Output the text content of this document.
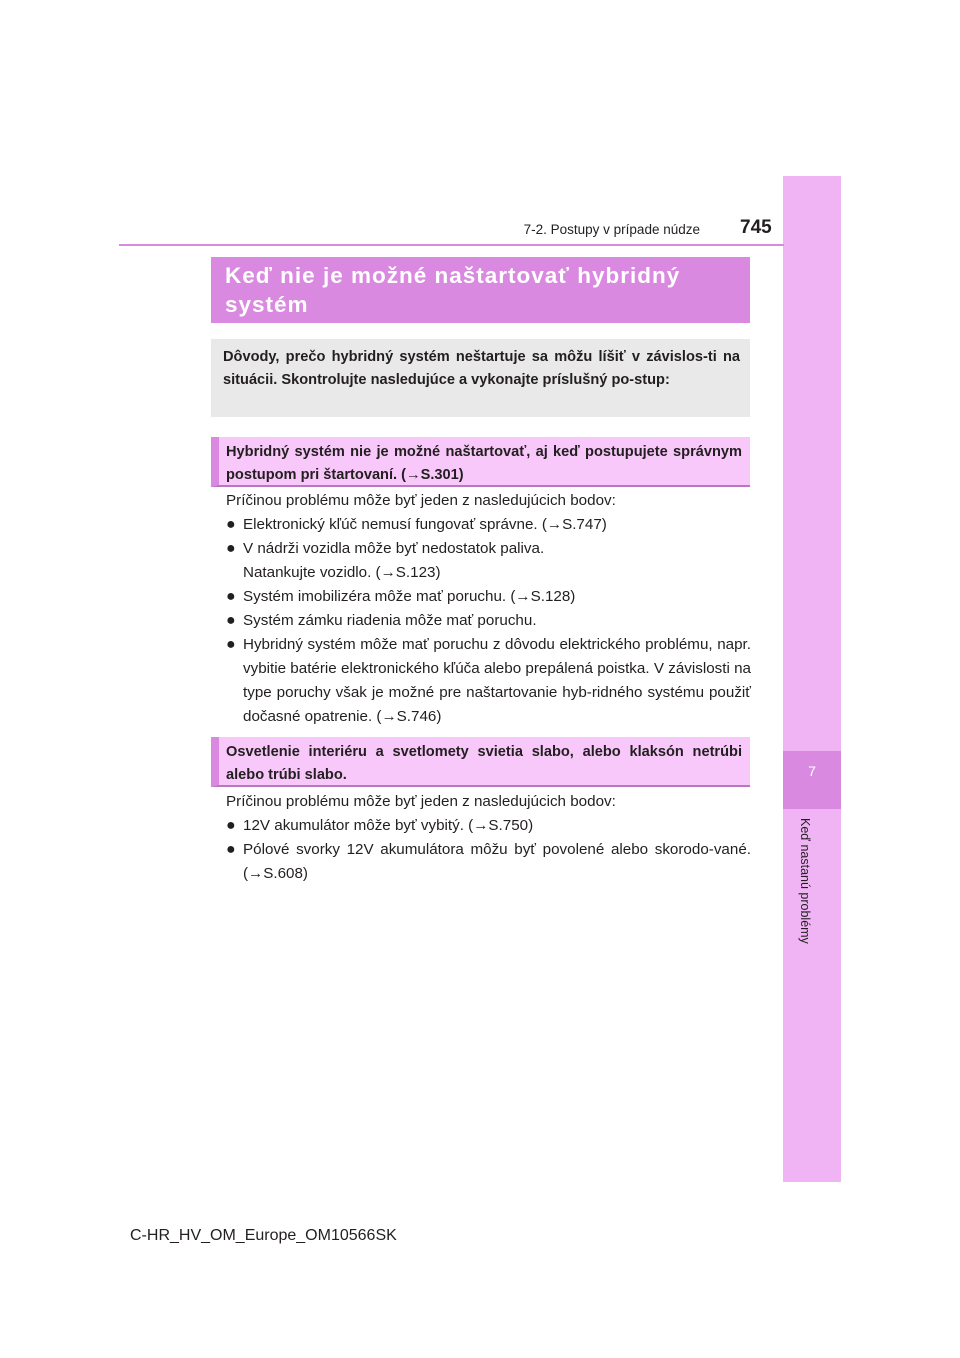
7
Keď nastanú problémy
7-2. Postupy v prípade núdze 745
Keď nie je možné naštartovať hybridný
systém
Dôvody, prečo hybridný systém neštartuje sa môžu líšiť v závislos-ti na situácii. Skontrolujte nasledujúce a vykonajte príslušný po-stup:
Hybridný systém nie je možné naštartovať, aj keď postupujete správnym postupom pri štartovaní. (→S.301)
Príčinou problému môže byť jeden z nasledujúcich bodov:
● Elektronický kľúč nemusí fungovať správne. (→S.747)
● V nádrži vozidla môže byť nedostatok paliva.
Natankujte vozidlo. (→S.123)
● Systém imobilizéra môže mať poruchu. (→S.128)
● Systém zámku riadenia môže mať poruchu.
● Hybridný systém môže mať poruchu z dôvodu elektrického problému, napr. vybitie batérie elektronického kľúča alebo prepálená poistka. V závislosti na type poruchy však je možné pre naštartovanie hyb-ridného systému použiť dočasné opatrenie. (→S.746)
Osvetlenie interiéru a svetlomety svietia slabo, alebo klaksón netrúbi alebo trúbi slabo.
Príčinou problému môže byť jeden z nasledujúcich bodov:
● 12V akumulátor môže byť vybitý. (→S.750)
● Pólové svorky 12V akumulátora môžu byť povolené alebo skorodo-vané. (→S.608)
C-HR_HV_OM_Europe_OM10566SK
